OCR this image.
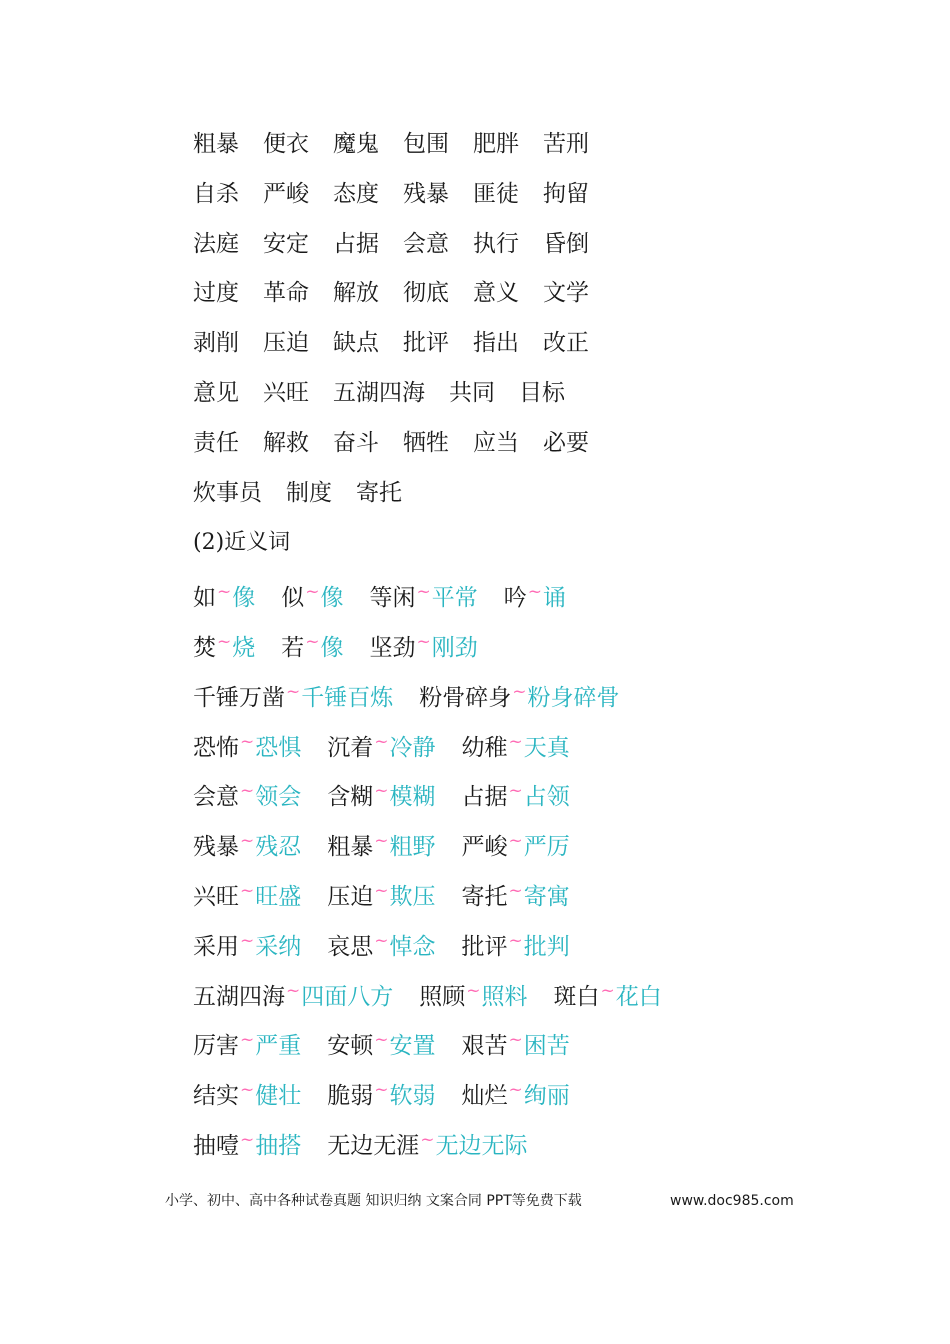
粗暴 便衣 魔鬼 包围 肥胖 苦刑
自杀 严峻 态度 残暴 匪徒 拘留
法庭 安定 占据 会意 执行 昏倒
过度 革命 解放 彻底 意义 文学
剥削 压迫 缺点 批评 指出 改正
意见 兴旺 五湖四海 共同 目标
责任 解救 奋斗 牺牲 应当 必要
炊事员 制度 寄托
(2)近义词
如~像 似~像 等闲~平常 吟~诵
焚~烧 若~像 坚劲~刚劲
千锤万凿~千锤百炼 粉骨碎身~粉身碎骨
恐怖~恐惧 沉着~冷静 幼稚~天真
会意~领会 含糊~模糊 占据~占领
残暴~残忍 粗暴~粗野 严峻~严厉
兴旺~旺盛 压迫~欺压 寄托~寄寓
采用~采纳 哀思~悼念 批评~批判
五湖四海~四面八方 照顾~照料 斑白~花白
厉害~严重 安顿~安置 艰苦~困苦
结实~健壮 脆弱~软弱 灿烂~绚丽
抽噎~抽搭 无边无涯~无边无际
小学、初中、高中各种试卷真题 知识归纳 文案合同 PPT等免费下载	www.doc985.com
